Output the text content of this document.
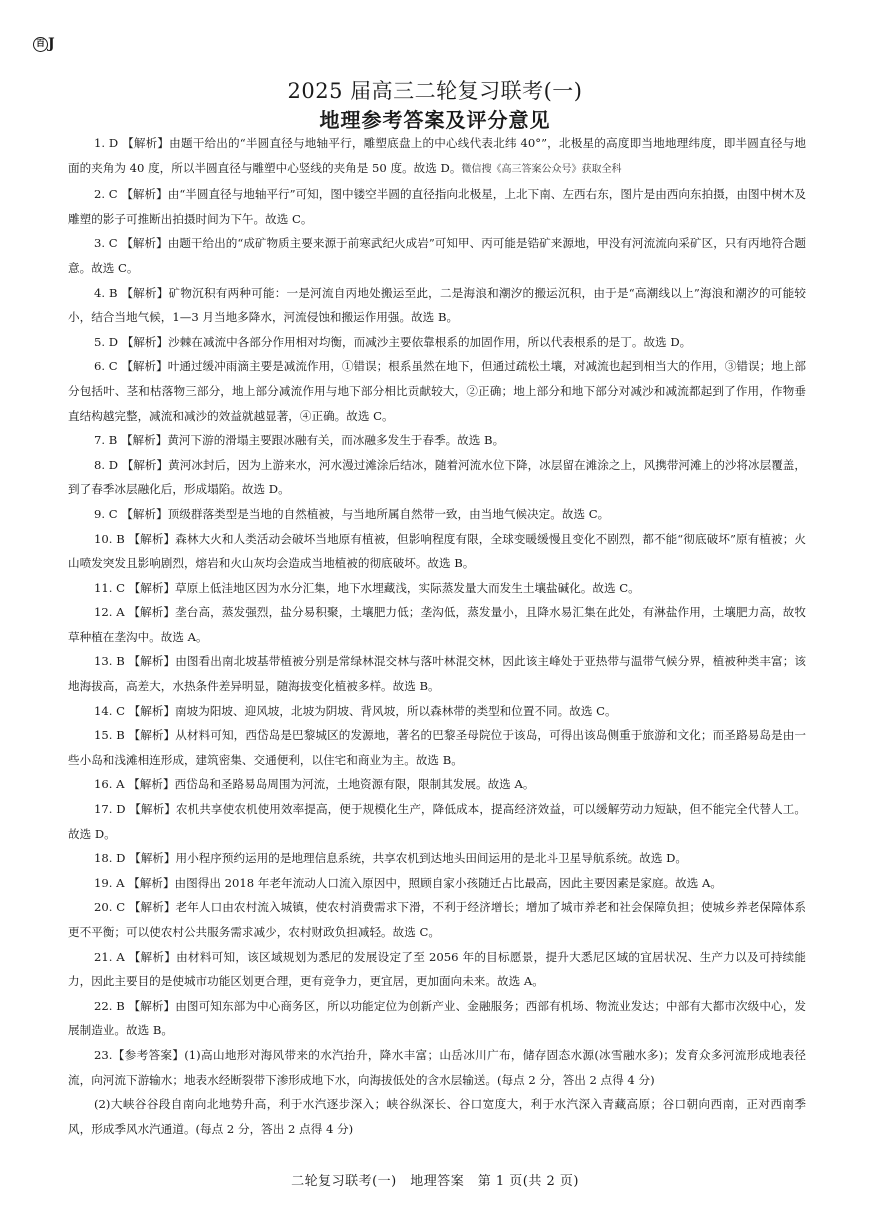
百 J
2025 届高三二轮复习联考(一)
地理参考答案及评分意见

1. D 【解析】由题干给出的“半圆直径与地轴平行，雕塑底盘上的中心线代表北纬 40°”，北极星的高度即当地地理纬度，即半圆直径与地面的夹角为 40 度，所以半圆直径与雕塑中心竖线的夹角是 50 度。故选 D。微信搜《高三答案公众号》获取全科

2. C 【解析】由“半圆直径与地轴平行”可知，图中镂空半圆的直径指向北极星，上北下南、左西右东，图片是由西向东拍摄，由图中树木及雕塑的影子可推断出拍摄时间为下午。故选 C。

3. C 【解析】由题干给出的“成矿物质主要来源于前寒武纪火成岩”可知甲、丙可能是锆矿来源地，甲没有河流流向采矿区，只有丙地符合题意。故选 C。

4. B 【解析】矿物沉积有两种可能：一是河流自丙地处搬运至此，二是海浪和潮汐的搬运沉积，由于是“高潮线以上”海浪和潮汐的可能较小，结合当地气候，1—3 月当地多降水，河流侵蚀和搬运作用强。故选 B。

5. D 【解析】沙棘在减流中各部分作用相对均衡，而减沙主要依靠根系的加固作用，所以代表根系的是丁。故选 D。

6. C 【解析】叶通过缓冲雨滴主要是减流作用，①错误；根系虽然在地下，但通过疏松土壤，对减流也起到相当大的作用，③错误；地上部分包括叶、茎和枯落物三部分，地上部分减流作用与地下部分相比贡献较大，②正确；地上部分和地下部分对减沙和减流都起到了作用，作物垂直结构越完整，减流和减沙的效益就越显著，④正确。故选 C。

7. B 【解析】黄河下游的滑塌主要跟冰融有关，而冰融多发生于春季。故选 B。

8. D 【解析】黄河冰封后，因为上游来水，河水漫过滩涂后结冰，随着河流水位下降，冰层留在滩涂之上，风携带河滩上的沙将冰层覆盖，到了春季冰层融化后，形成塌陷。故选 D。

9. C 【解析】顶级群落类型是当地的自然植被，与当地所属自然带一致，由当地气候决定。故选 C。

10. B 【解析】森林大火和人类活动会破坏当地原有植被，但影响程度有限，全球变暖缓慢且变化不剧烈，都不能“彻底破坏”原有植被；火山喷发突发且影响剧烈，熔岩和火山灰均会造成当地植被的彻底破坏。故选 B。

11. C 【解析】草原上低洼地区因为水分汇集，地下水埋藏浅，实际蒸发量大而发生土壤盐碱化。故选 C。

12. A 【解析】垄台高，蒸发强烈，盐分易积聚，土壤肥力低；垄沟低，蒸发量小，且降水易汇集在此处，有淋盐作用，土壤肥力高，故牧草种植在垄沟中。故选 A。

13. B 【解析】由图看出南北坡基带植被分别是常绿林混交林与落叶林混交林，因此该主峰处于亚热带与温带气候分界，植被种类丰富；该地海拔高，高差大，水热条件差异明显，随海拔变化植被多样。故选 B。

14. C 【解析】南坡为阳坡、迎风坡，北坡为阴坡、背风坡，所以森林带的类型和位置不同。故选 C。

15. B 【解析】从材料可知，西岱岛是巴黎城区的发源地，著名的巴黎圣母院位于该岛，可得出该岛侧重于旅游和文化；而圣路易岛是由一些小岛和浅滩相连形成，建筑密集、交通便利，以住宅和商业为主。故选 B。

16. A 【解析】西岱岛和圣路易岛周围为河流，土地资源有限，限制其发展。故选 A。

17. D 【解析】农机共享使农机使用效率提高，便于规模化生产，降低成本，提高经济效益，可以缓解劳动力短缺，但不能完全代替人工。故选 D。

18. D 【解析】用小程序预约运用的是地理信息系统，共享农机到达地头田间运用的是北斗卫星导航系统。故选 D。

19. A 【解析】由图得出 2018 年老年流动人口流入原因中，照顾自家小孩随迁占比最高，因此主要因素是家庭。故选 A。

20. C 【解析】老年人口由农村流入城镇，使农村消费需求下滑，不利于经济增长；增加了城市养老和社会保障负担；使城乡养老保障体系更不平衡；可以使农村公共服务需求减少，农村财政负担减轻。故选 C。

21. A 【解析】由材料可知，该区域规划为悉尼的发展设定了至 2056 年的目标愿景，提升大悉尼区域的宜居状况、生产力以及可持续能力，因此主要目的是使城市功能区划更合理，更有竞争力，更宜居，更加面向未来。故选 A。

22. B 【解析】由图可知东部为中心商务区，所以功能定位为创新产业、金融服务；西部有机场、物流业发达；中部有大都市次级中心，发展制造业。故选 B。

23.【参考答案】(1)高山地形对海风带来的水汽抬升，降水丰富；山岳冰川广布，储存固态水源(冰雪融水多)；发育众多河流形成地表径流，向河流下游输水；地表水经断裂带下渗形成地下水，向海拔低处的含水层输送。(每点 2 分，答出 2 点得 4 分)

(2)大峡谷谷段自南向北地势升高，利于水汽逐步深入；峡谷纵深长、谷口宽度大，利于水汽深入青藏高原；谷口朝向西南，正对西南季风，形成季风水汽通道。(每点 2 分，答出 2 点得 4 分)

二轮复习联考(一)　地理答案　第 1 页(共 2 页)
